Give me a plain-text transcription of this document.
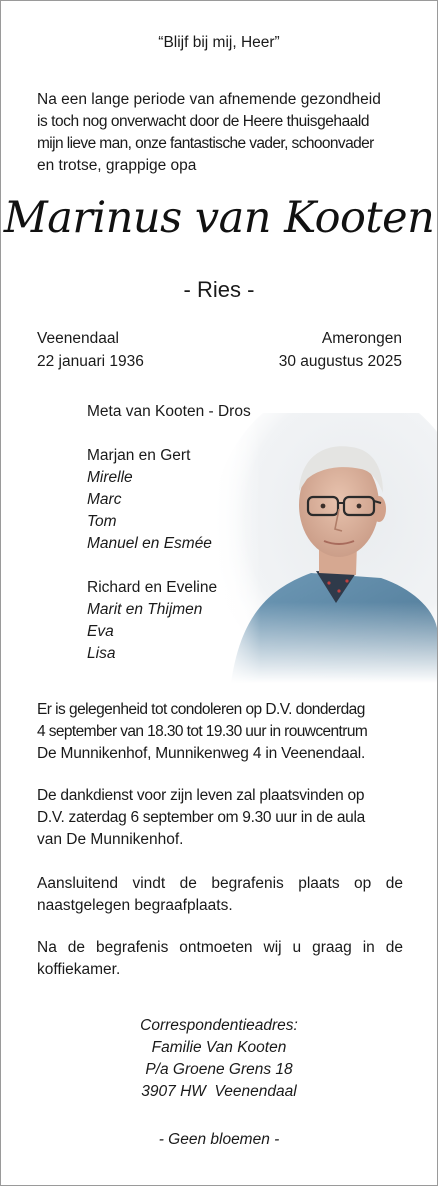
“Blijf bij mij, Heer”
Na een lange periode van afnemende gezondheid
is toch nog onverwacht door de Heere thuisgehaald
mijn lieve man, onze fantastische vader, schoonvader
en trotse, grappige opa
Marinus van Kooten
- Ries -
Veenendaal
22 januari 1936
Amerongen
30 augustus 2025
Meta van Kooten - Dros
Marjan en Gert
Mirelle
Marc
Tom
Manuel en Esmée
Richard en Eveline
Marit en Thijmen
Eva
Lisa
Er is gelegenheid tot condoleren op D.V. donderdag
4 september van 18.30 tot 19.30 uur in rouwcentrum
De Munnikenhof, Munnikenweg 4 in Veenendaal.
De dankdienst voor zijn leven zal plaatsvinden op
D.V. zaterdag 6 september om 9.30 uur in de aula
van De Munnikenhof.
Aansluitend vindt de begrafenis plaats op de
naastgelegen begraafplaats.
Na de begrafenis ontmoeten wij u graag in de
koffiekamer.
Correspondentieadres:
Familie Van Kooten
P/a Groene Grens 18
3907 HW  Veenendaal
- Geen bloemen -
